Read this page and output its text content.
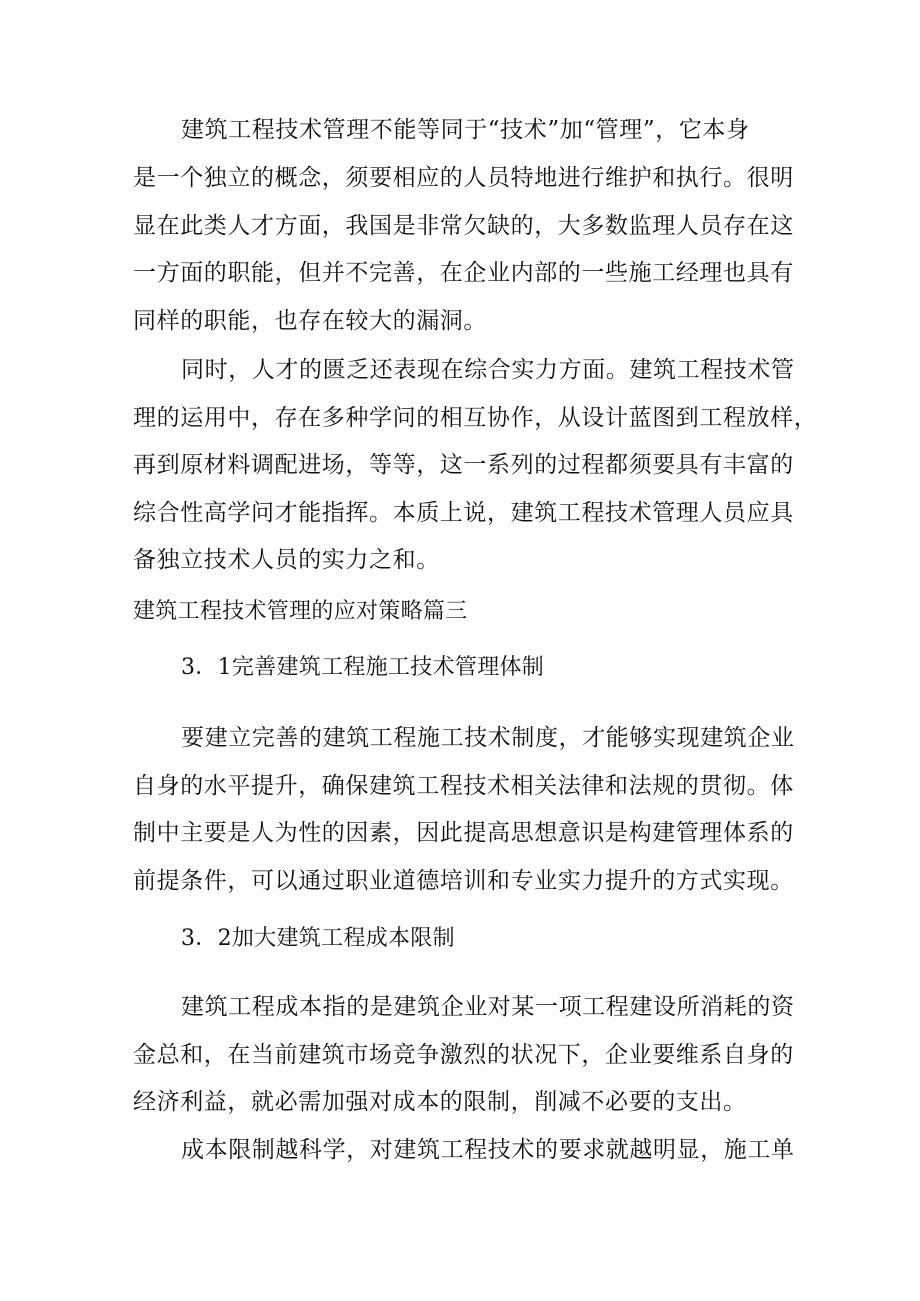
建筑工程技术管理不能等同于“技术”加“管理”，它本身
是一个独立的概念，须要相应的人员特地进行维护和执行。很明
显在此类人才方面，我国是非常欠缺的，大多数监理人员存在这
一方面的职能，但并不完善，在企业内部的一些施工经理也具有
同样的职能，也存在较大的漏洞。
同时，人才的匮乏还表现在综合实力方面。建筑工程技术管
理的运用中，存在多种学问的相互协作，从设计蓝图到工程放样，
再到原材料调配进场，等等，这一系列的过程都须要具有丰富的
综合性高学问才能指挥。本质上说，建筑工程技术管理人员应具
备独立技术人员的实力之和。
建筑工程技术管理的应对策略篇三
3．1完善建筑工程施工技术管理体制
要建立完善的建筑工程施工技术制度，才能够实现建筑企业
自身的水平提升，确保建筑工程技术相关法律和法规的贯彻。体
制中主要是人为性的因素，因此提高思想意识是构建管理体系的
前提条件，可以通过职业道德培训和专业实力提升的方式实现。
3．2加大建筑工程成本限制
建筑工程成本指的是建筑企业对某一项工程建设所消耗的资
金总和，在当前建筑市场竞争激烈的状况下，企业要维系自身的
经济利益，就必需加强对成本的限制，削减不必要的支出。
成本限制越科学，对建筑工程技术的要求就越明显，施工单
